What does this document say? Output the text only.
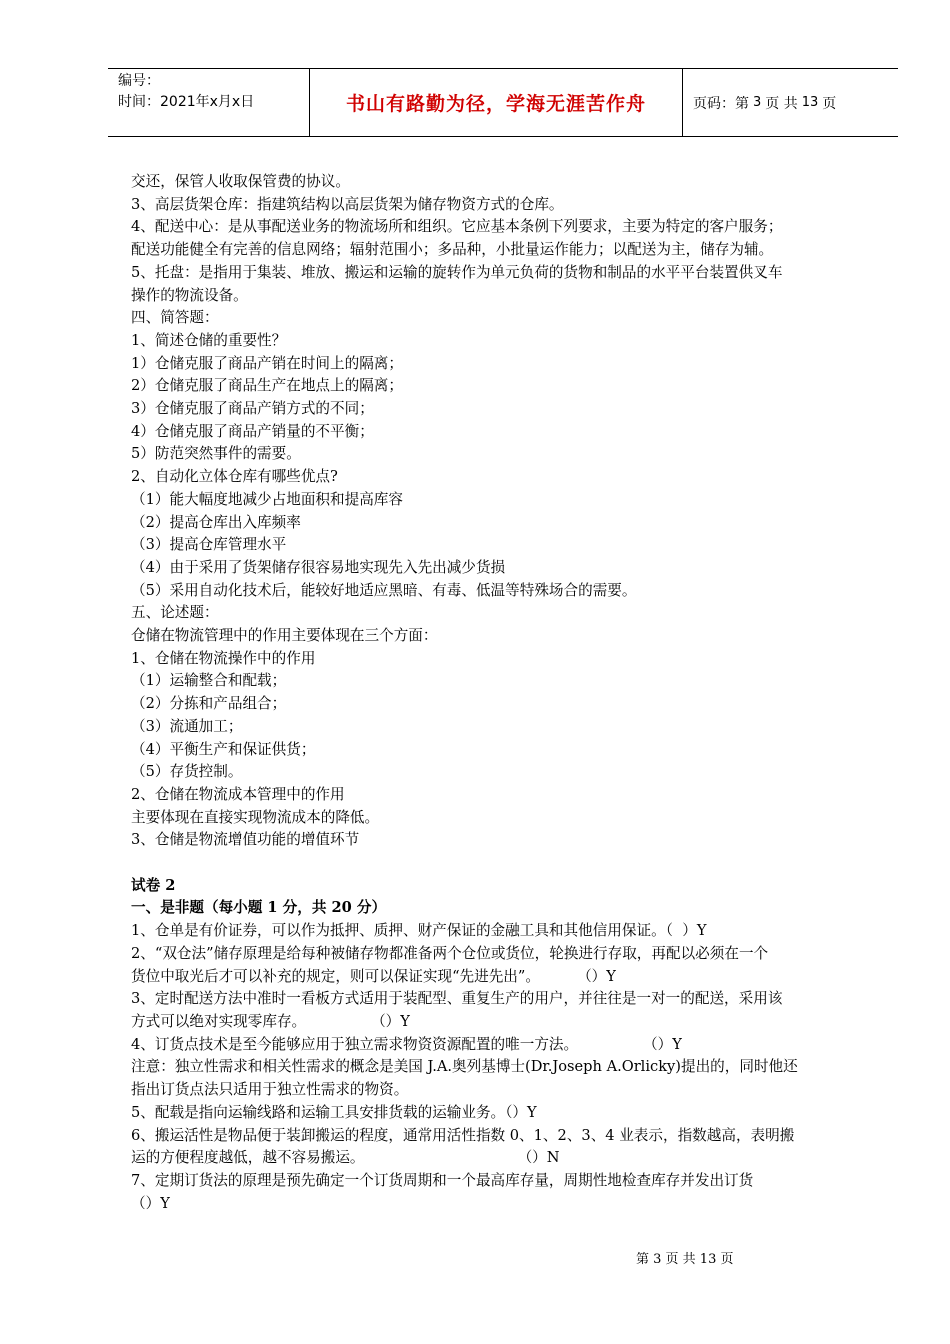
编号：
时间：2021年x月x日	书山有路勤为径，学海无涯苦作舟	页码：第 3 页 共 13 页

交还，保管人收取保管费的协议。

3、高层货架仓库：指建筑结构以高层货架为储存物资方式的仓库。

4、配送中心：是从事配送业务的物流场所和组织。它应基本条例下列要求，主要为特定的客户服务；

配送功能健全有完善的信息网络；辐射范围小；多品种，小批量运作能力；以配送为主，储存为辅。

5、托盘：是指用于集装、堆放、搬运和运输的旋转作为单元负荷的货物和制品的水平平台装置供叉车

操作的物流设备。

四、简答题：

1、简述仓储的重要性？

1）仓储克服了商品产销在时间上的隔离；

2）仓储克服了商品生产在地点上的隔离；

3）仓储克服了商品产销方式的不同；

4）仓储克服了商品产销量的不平衡；

5）防范突然事件的需要。

2、自动化立体仓库有哪些优点?

（1）能大幅度地减少占地面积和提高库容

（2）提高仓库出入库频率

（3）提高仓库管理水平

（4）由于采用了货架储存很容易地实现先入先出减少货损

（5）采用自动化技术后，能较好地适应黑暗、有毒、低温等特殊场合的需要。

五、论述题：

仓储在物流管理中的作用主要体现在三个方面：

1、仓储在物流操作中的作用

（1）运输整合和配载；

（2）分拣和产品组合；

（3）流通加工；

（4）平衡生产和保证供货；

（5）存货控制。

2、仓储在物流成本管理中的作用

主要体现在直接实现物流成本的降低。

3、仓储是物流增值功能的增值环节

试卷 2

一、是非题（每小题 1 分，共 20 分）

1、仓单是有价证券，可以作为抵押、质押、财产保证的金融工具和其他信用保证。（  ）Y

2、“双仓法”储存原理是给每种被储存物都准备两个仓位或货位，轮换进行存取，再配以必须在一个

货位中取光后才可以补充的规定，则可以保证实现“先进先出”。        （）Y

3、定时配送方法中准时一看板方式适用于装配型、重复生产的用户，并往往是一对一的配送，采用该

方式可以绝对实现零库存。              （）Y

4、订货点技术是至今能够应用于独立需求物资资源配置的唯一方法。              （）Y

注意：独立性需求和相关性需求的概念是美国 J.A.奥列基博士(Dr.Joseph A.Orlicky)提出的，同时他还

指出订货点法只适用于独立性需求的物资。

5、配载是指向运输线路和运输工具安排货载的运输业务。（）Y

6、搬运活性是物品便于装卸搬运的程度，通常用活性指数 0、1、2、3、4 业表示，指数越高，表明搬

运的方便程度越低，越不容易搬运。                                 （）N

7、定期订货法的原理是预先确定一个订货周期和一个最高库存量，周期性地检查库存并发出订货

（）Y

第 3 页 共 13 页
